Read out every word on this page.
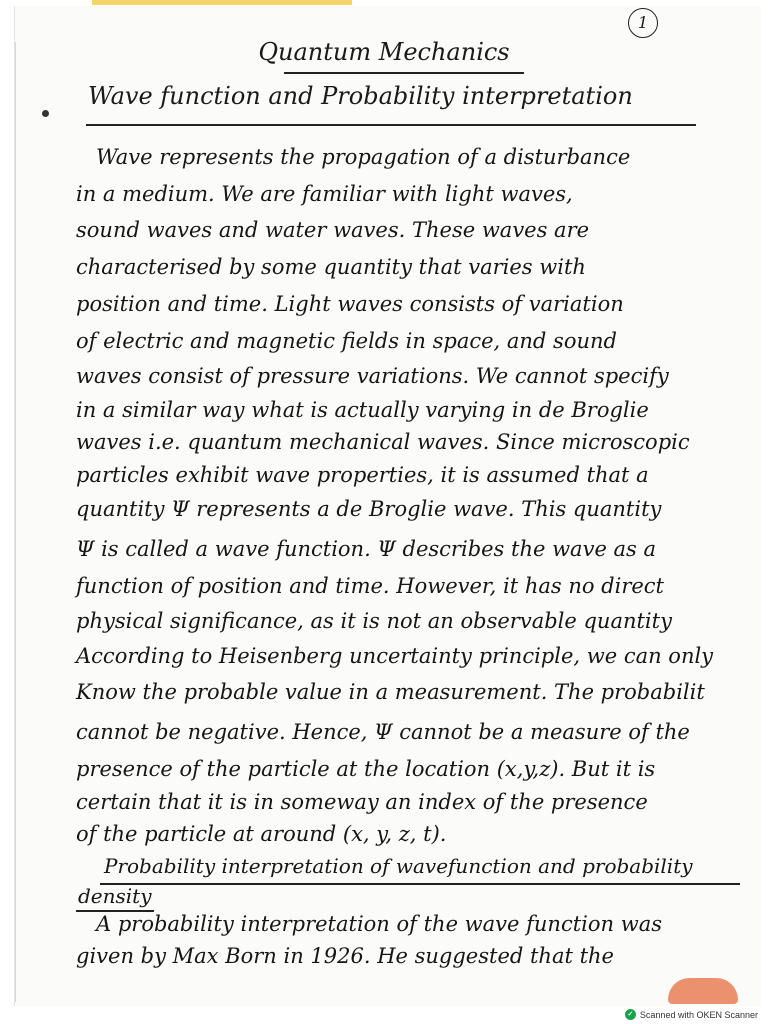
1
Quantum Mechanics
Wave function and Probability interpretation
Wave represents the propagation of a disturbance
in a medium. We are familiar with light waves,
sound waves and water waves. These waves are
characterised by some quantity that varies with
position and time. Light waves consists of variation
of electric and magnetic fields in space, and sound
waves consist of pressure variations. We cannot specify
in a similar way what is actually varying in de Broglie
waves i.e. quantum mechanical waves. Since microscopic
particles exhibit wave properties, it is assumed that a
quantity Ψ represents a de Broglie wave. This quantity
Ψ is called a wave function. Ψ describes the wave as a
function of position and time. However, it has no direct
physical significance, as it is not an observable quantity
According to Heisenberg uncertainty principle, we can only
Know the probable value in a measurement. The probabilit
cannot be negative. Hence, Ψ cannot be a measure of the
presence of the particle at the location (x,y,z). But it is
certain that it is in someway an index of the presence
of the particle at around (x, y, z, t).
Probability interpretation of wavefunction and probability
density
A probability interpretation of the wave function was
given by Max Born in 1926. He suggested that the
✓ Scanned with OKEN Scanner
